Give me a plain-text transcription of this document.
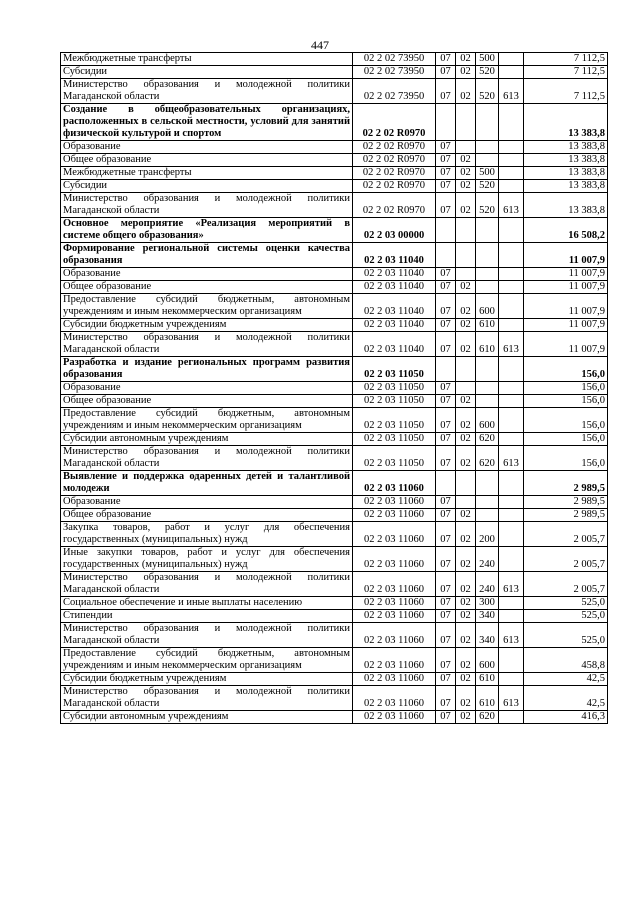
447
Межбюджетные трансферты	02 2 02 73950	07	02	500		7 112,5
Субсидии	02 2 02 73950	07	02	520		7 112,5
Министерство образования и молодежной политики Магаданской области	02 2 02 73950	07	02	520	613	7 112,5
Создание в общеобразовательных организациях, расположенных в сельской местности, условий для занятий физической культурой и спортом	02 2 02 R0970					13 383,8
Образование	02 2 02 R0970	07				13 383,8
Общее образование	02 2 02 R0970	07	02			13 383,8
Межбюджетные трансферты	02 2 02 R0970	07	02	500		13 383,8
Субсидии	02 2 02 R0970	07	02	520		13 383,8
Министерство образования и молодежной политики Магаданской области	02 2 02 R0970	07	02	520	613	13 383,8
Основное мероприятие «Реализация мероприятий в системе общего образования»	02 2 03 00000					16 508,2
Формирование региональной системы оценки качества образования	02 2 03 11040					11 007,9
Образование	02 2 03 11040	07				11 007,9
Общее образование	02 2 03 11040	07	02			11 007,9
Предоставление субсидий бюджетным, автономным учреждениям и иным некоммерческим организациям	02 2 03 11040	07	02	600		11 007,9
Субсидии бюджетным учреждениям	02 2 03 11040	07	02	610		11 007,9
Министерство образования и молодежной политики Магаданской области	02 2 03 11040	07	02	610	613	11 007,9
Разработка и издание региональных программ развития образования	02 2 03 11050					156,0
Образование	02 2 03 11050	07				156,0
Общее образование	02 2 03 11050	07	02			156,0
Предоставление субсидий бюджетным, автономным учреждениям и иным некоммерческим организациям	02 2 03 11050	07	02	600		156,0
Субсидии автономным учреждениям	02 2 03 11050	07	02	620		156,0
Министерство образования и молодежной политики Магаданской области	02 2 03 11050	07	02	620	613	156,0
Выявление и поддержка одаренных детей и талантливой молодежи	02 2 03 11060					2 989,5
Образование	02 2 03 11060	07				2 989,5
Общее образование	02 2 03 11060	07	02			2 989,5
Закупка товаров, работ и услуг для обеспечения государственных (муниципальных) нужд	02 2 03 11060	07	02	200		2 005,7
Иные закупки товаров, работ и услуг для обеспечения государственных (муниципальных) нужд	02 2 03 11060	07	02	240		2 005,7
Министерство образования и молодежной политики Магаданской области	02 2 03 11060	07	02	240	613	2 005,7
Социальное обеспечение и иные выплаты населению	02 2 03 11060	07	02	300		525,0
Стипендии	02 2 03 11060	07	02	340		525,0
Министерство образования и молодежной политики Магаданской области	02 2 03 11060	07	02	340	613	525,0
Предоставление субсидий бюджетным, автономным учреждениям и иным некоммерческим организациям	02 2 03 11060	07	02	600		458,8
Субсидии бюджетным учреждениям	02 2 03 11060	07	02	610		42,5
Министерство образования и молодежной политики Магаданской области	02 2 03 11060	07	02	610	613	42,5
Субсидии автономным учреждениям	02 2 03 11060	07	02	620		416,3
